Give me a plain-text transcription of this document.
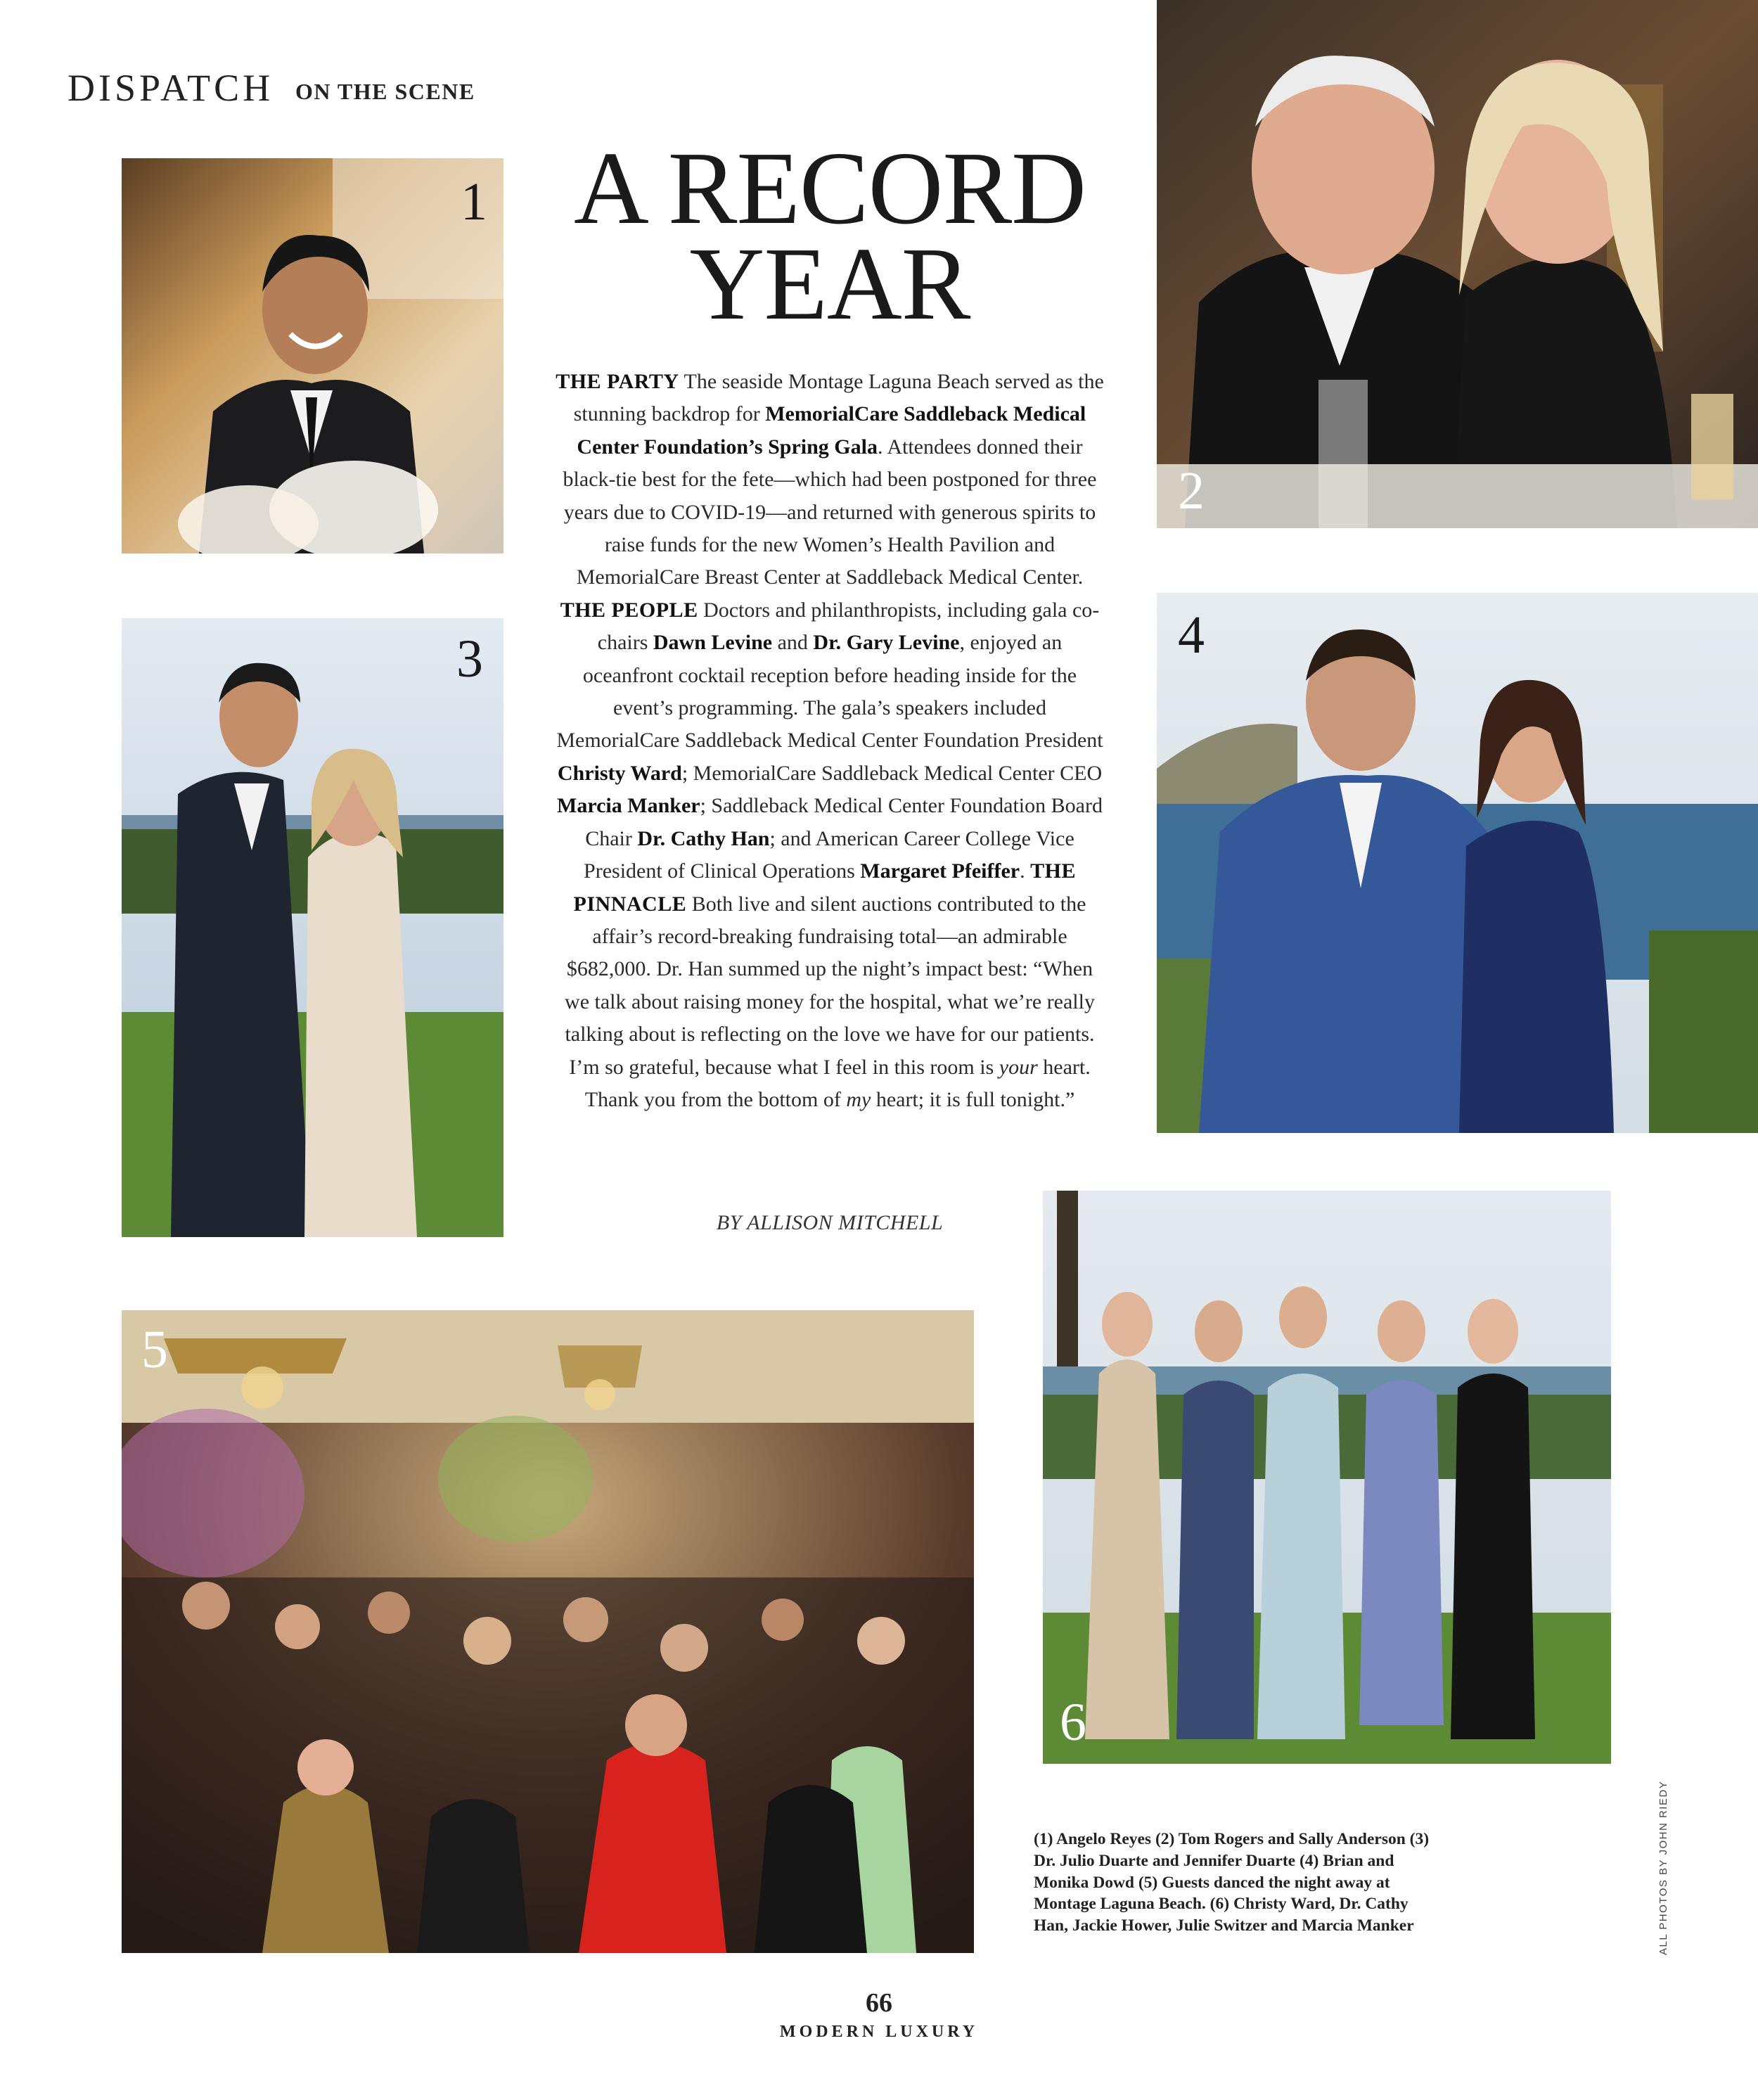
DISPATCH ON THE SCENE
1
2
3	4
5
6
A RECORD
YEAR
THE PARTY The seaside Montage Laguna Beach served as the stunning backdrop for MemorialCare Saddleback Medical Center Foundation’s Spring Gala. Attendees donned their black-tie best for the fete—which had been postponed for three years due to COVID-19—and returned with generous spirits to raise funds for the new Women’s Health Pavilion and MemorialCare Breast Center at Saddleback Medical Center. THE PEOPLE Doctors and philanthropists, including gala co-chairs Dawn Levine and Dr. Gary Levine, enjoyed an oceanfront cocktail reception before heading inside for the event’s programming. The gala’s speakers included MemorialCare Saddleback Medical Center Foundation President Christy Ward; MemorialCare Saddleback Medical Center CEO Marcia Manker; Saddleback Medical Center Foundation Board Chair Dr. Cathy Han; and American Career College Vice President of Clinical Operations Margaret Pfeiffer. THE PINNACLE Both live and silent auctions contributed to the affair’s record-breaking fundraising total—an admirable $682,000. Dr. Han summed up the night’s impact best: “When we talk about raising money for the hospital, what we’re really talking about is reflecting on the love we have for our patients. I’m so grateful, because what I feel in this room is your heart. Thank you from the bottom of my heart; it is full tonight.”
BY ALLISON MITCHELL
(1) Angelo Reyes (2) Tom Rogers and Sally Anderson (3) Dr. Julio Duarte and Jennifer Duarte (4) Brian and Monika Dowd (5) Guests danced the night away at Montage Laguna Beach. (6) Christy Ward, Dr. Cathy Han, Jackie Hower, Julie Switzer and Marcia Manker	ALL PHOTOS BY JOHN RIEDY
66
MODERN LUXURY
